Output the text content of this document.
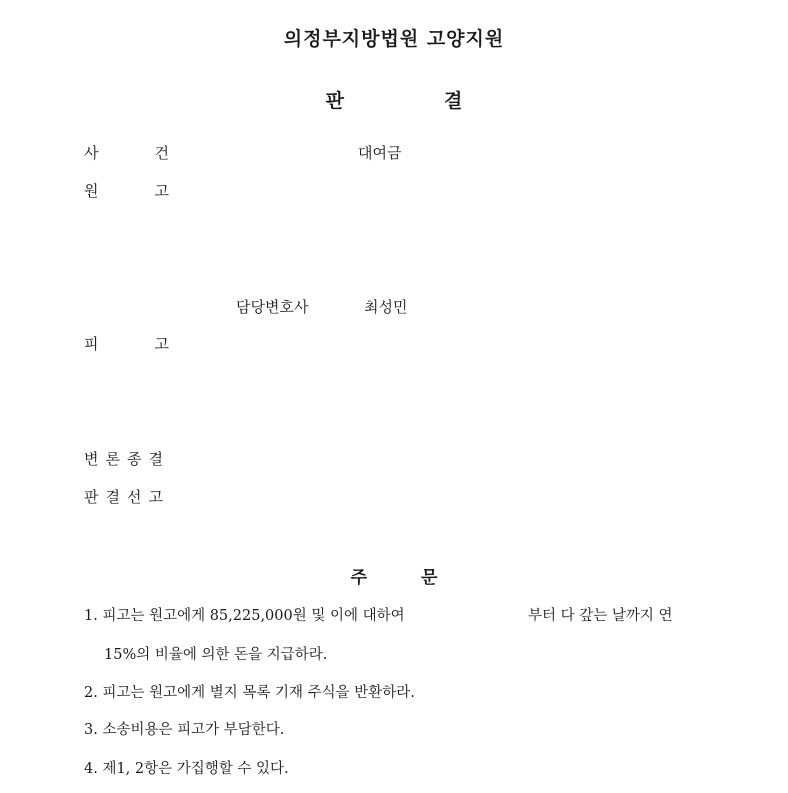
의정부지방법원 고양지원
판	결
사	건	대여금
원	고
담당변호사	최성민
피	고
변 론 종 결
판 결 선 고
주	문
1. 피고는 원고에게 85,225,000원 및 이에 대하여	부터 다 갚는 날까지 연
15%의 비율에 의한 돈을 지급하라.
2. 피고는 원고에게 별지 목록 기재 주식을 반환하라.
3. 소송비용은 피고가 부담한다.
4. 제1, 2항은 가집행할 수 있다.
